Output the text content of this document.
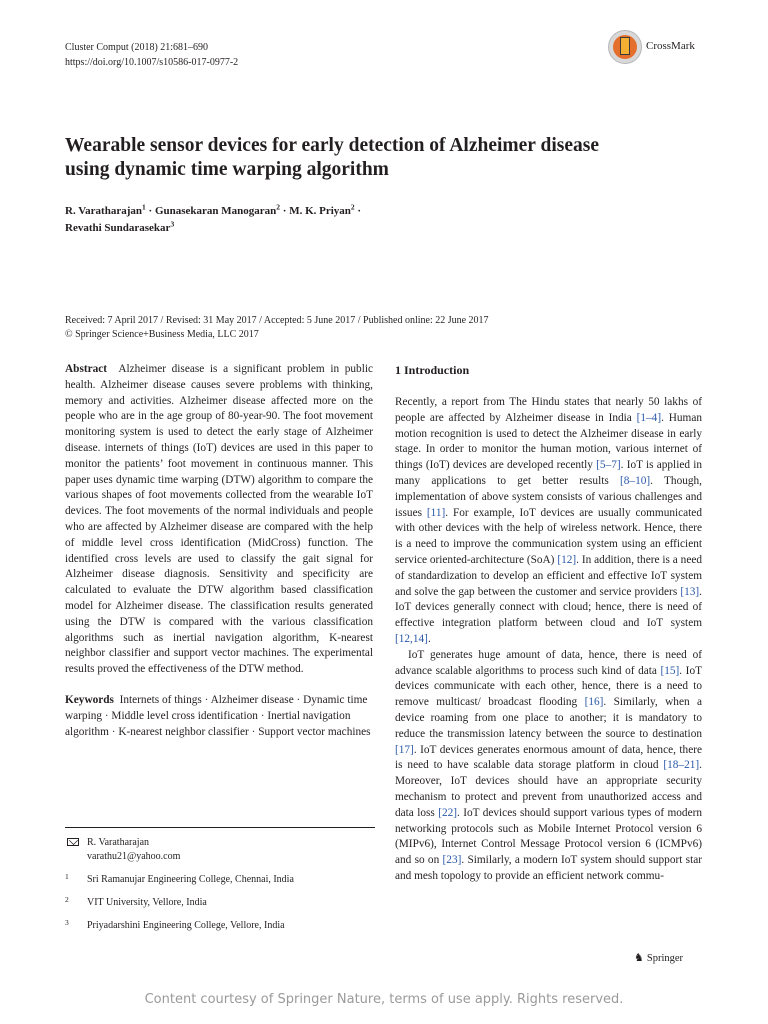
Cluster Comput (2018) 21:681–690
https://doi.org/10.1007/s10586-017-0977-2
CrossMark
Wearable sensor devices for early detection of Alzheimer disease
using dynamic time warping algorithm
R. Varatharajan$^1$ · Gunasekaran Manogaran$^2$ · M. K. Priyan$^2$ ·
Revathi Sundarasekar$^3$
Received: 7 April 2017 / Revised: 31 May 2017 / Accepted: 5 June 2017 / Published online: 22 June 2017
© Springer Science+Business Media, LLC 2017

Abstract Alzheimer disease is a significant problem in public health. Alzheimer disease causes severe problems with thinking, memory and activities. Alzheimer disease affected more on the people who are in the age group of 80-year-90. The foot movement monitoring system is used to detect the early stage of Alzheimer disease. internets of things (IoT) devices are used in this paper to monitor the patients’ foot movement in continuous manner. This paper uses dynamic time warping (DTW) algorithm to compare the various shapes of foot movements collected from the wearable IoT devices. The foot movements of the normal individuals and people who are affected by Alzheimer disease are compared with the help of middle level cross identification (MidCross) function. The identified cross levels are used to classify the gait signal for Alzheimer disease diagnosis. Sensitivity and specificity are calculated to evaluate the DTW algorithm based classification model for Alzheimer disease. The classification results generated using the DTW is compared with the various classification algorithms such as inertial navigation algorithm, K-nearest neighbor classifier and support vector machines. The experimental results proved the effectiveness of the DTW method.

Keywords Internets of things · Alzheimer disease · Dynamic time warping · Middle level cross identification · Inertial navigation algorithm · K-nearest neighbor classifier · Support vector machines

R. Varatharajan
varathu21@yahoo.com
1 Sri Ramanujar Engineering College, Chennai, India
2 VIT University, Vellore, India
3 Priyadarshini Engineering College, Vellore, India

1 Introduction

Recently, a report from The Hindu states that nearly 50 lakhs of people are affected by Alzheimer disease in India [1–4]. Human motion recognition is used to detect the Alzheimer disease in early stage. In order to monitor the human motion, various internet of things (IoT) devices are developed recently [5–7]. IoT is applied in many applications to get better results [8–10]. Though, implementation of above system consists of various challenges and issues [11]. For example, IoT devices are usually communicated with other devices with the help of wireless network. Hence, there is a need to improve the communication system using an efficient service oriented-architecture (SoA) [12]. In addition, there is a need of standardization to develop an efficient and effective IoT system and solve the gap between the customer and service providers [13]. IoT devices generally connect with cloud; hence, there is need of effective integration platform between cloud and IoT system [12,14].

IoT generates huge amount of data, hence, there is need of advance scalable algorithms to process such kind of data [15]. IoT devices communicate with each other, hence, there is a need to remove multicast/ broadcast flooding [16]. Similarly, when a device roaming from one place to another; it is mandatory to reduce the transmission latency between the source to destination [17]. IoT devices generates enormous amount of data, hence, there is need to have scalable data storage platform in cloud [18–21]. Moreover, IoT devices should have an appropriate security mechanism to protect and prevent from unauthorized access and data loss [22]. IoT devices should support various types of modern networking protocols such as Mobile Internet Protocol version 6 (MIPv6), Internet Control Message Protocol version 6 (ICMPv6) and so on [23]. Similarly, a modern IoT system should support star and mesh topology to provide an efficient network commu-

♞ Springer
Content courtesy of Springer Nature, terms of use apply. Rights reserved.
